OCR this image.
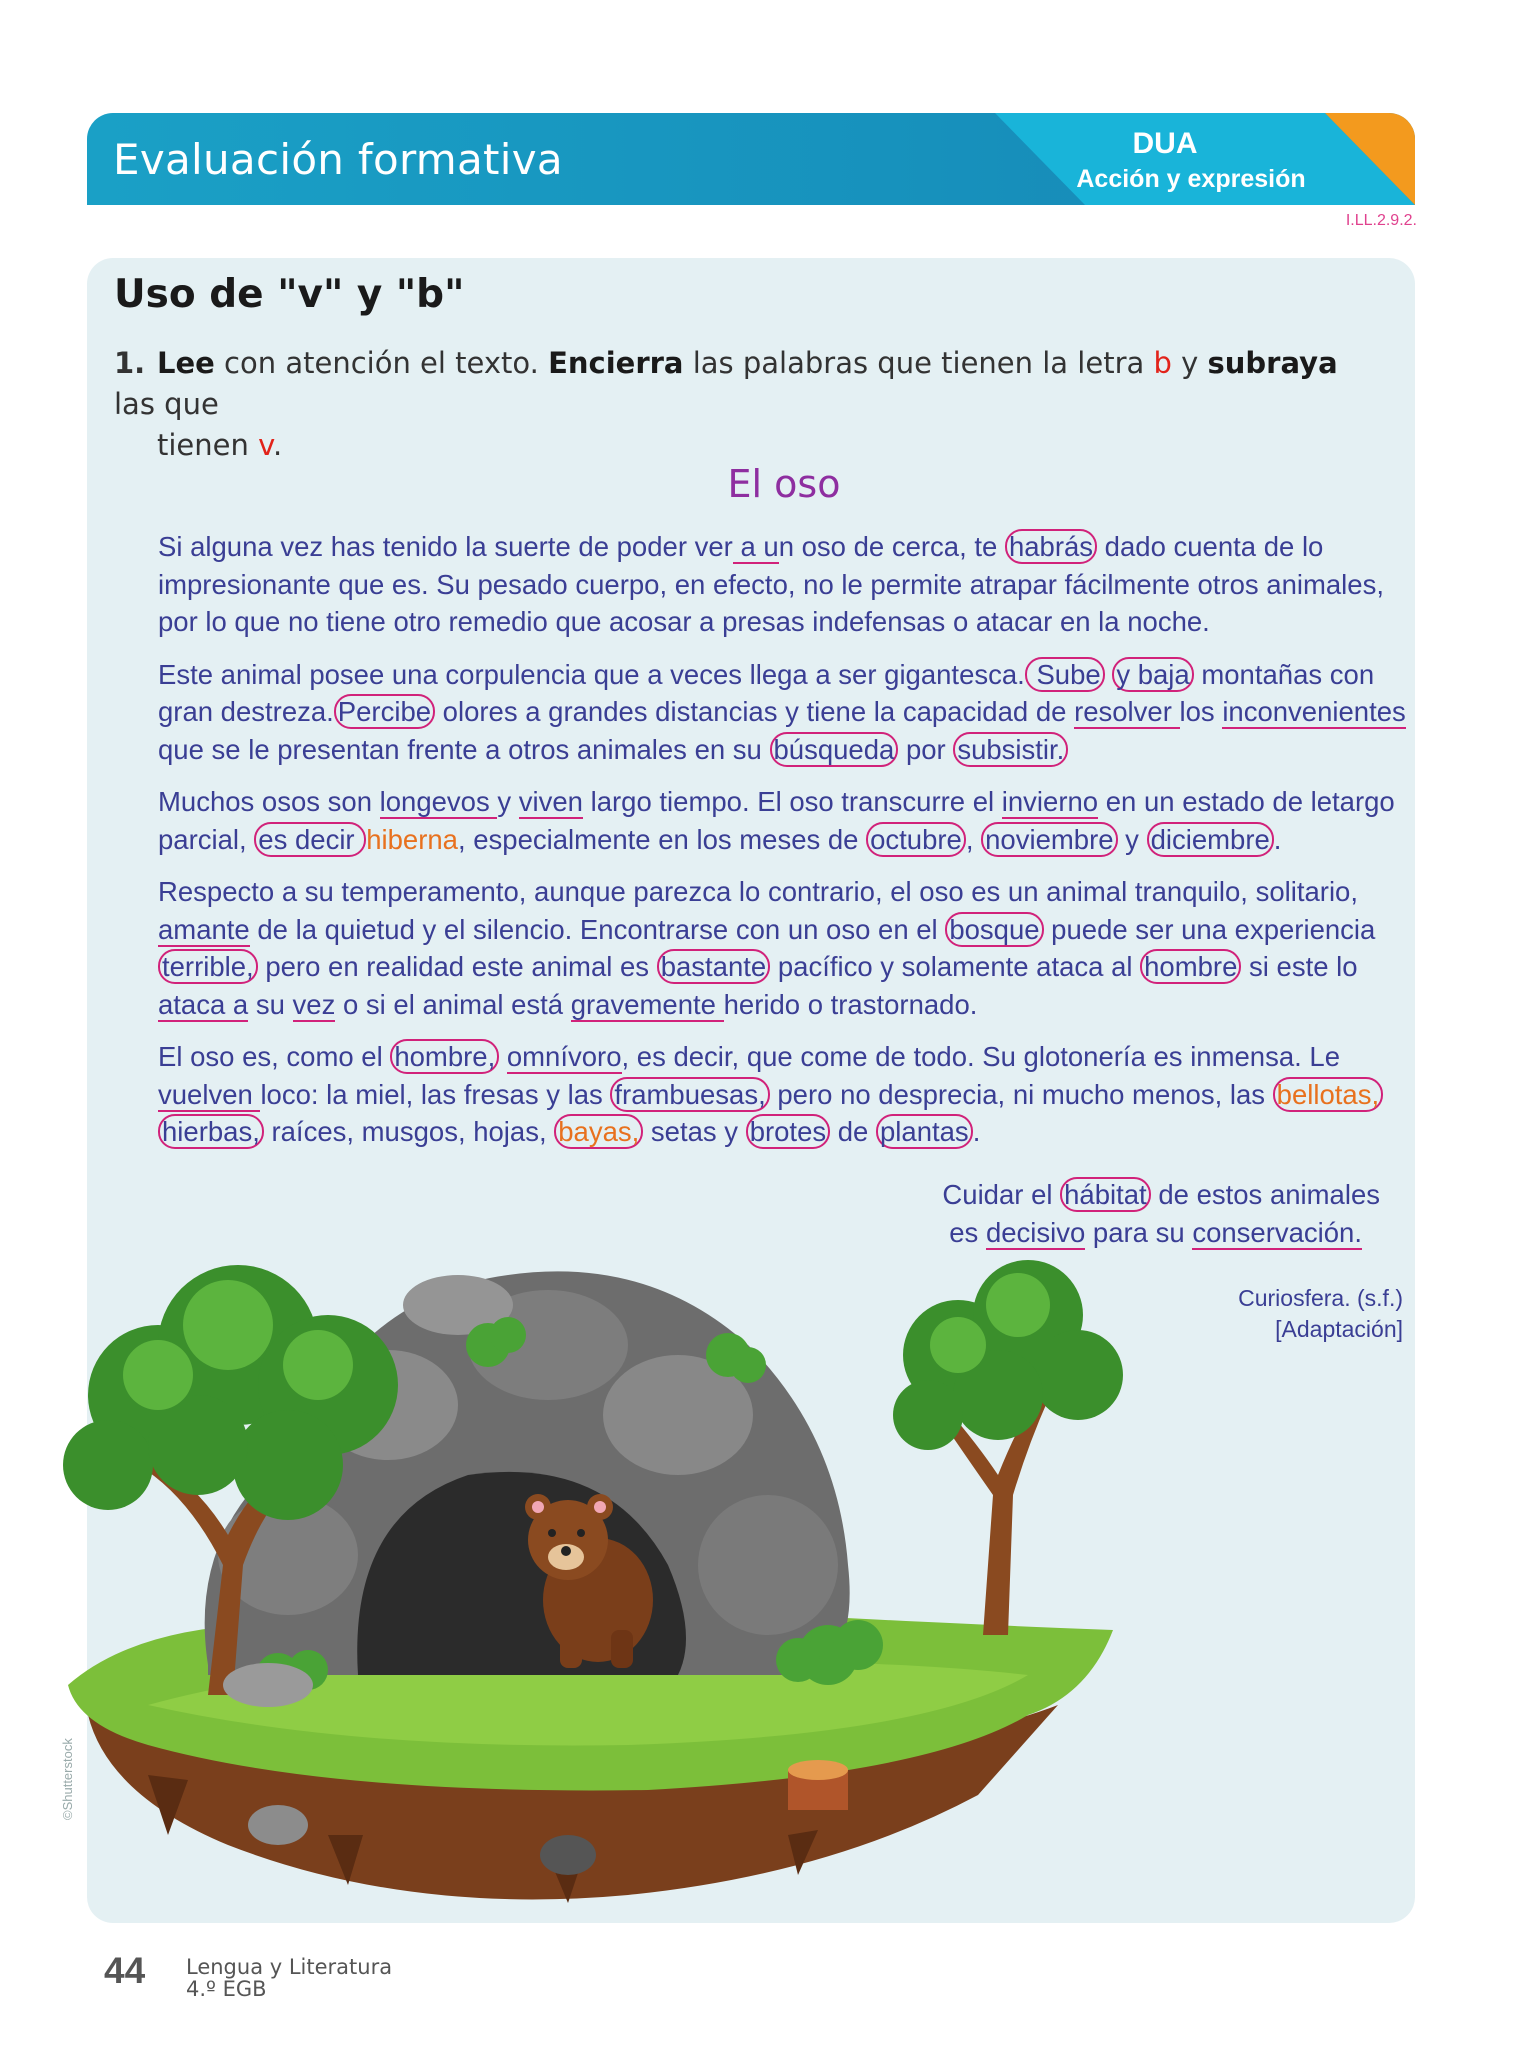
Evaluación formativa	DUA
Acción y expresión
I.LL.2.9.2.
Uso de "v" y "b"
1. Lee con atención el texto. Encierra las palabras que tienen la letra b y subraya las que
tienen v.
El oso

Si alguna vez has tenido la suerte de poder ver a un oso de cerca, te habrás dado cuenta de lo impresionante que es. Su pesado cuerpo, en efecto, no le permite atrapar fácilmente otros animales, por lo que no tiene otro remedio que acosar a presas indefensas o atacar en la noche.

Este animal posee una corpulencia que a veces llega a ser gigantesca. Sube y baja montañas con gran destreza. Percibe olores a grandes distancias y tiene la capacidad de resolver los inconvenientes que se le presentan frente a otros animales en su búsqueda por subsistir.

Muchos osos son longevos y viven largo tiempo. El oso transcurre el invierno en un estado de letargo parcial, es decir hiberna, especialmente en los meses de octubre , noviembre y diciembre .

Respecto a su temperamento, aunque parezca lo contrario, el oso es un animal tranquilo, solitario, amante de la quietud y el silencio. Encontrarse con un oso en el bosque puede ser una experiencia terrible, pero en realidad este animal es bastante pacífico y solamente ataca al hombre si este lo ataca a su vez o si el animal está gravemente herido o trastornado.

El oso es, como el hombre, omnívoro, es decir, que come de todo. Su glotonería es inmensa. Le vuelven loco: la miel, las fresas y las frambuesas, pero no desprecia, ni mucho menos, las bellotas, hierbas, raíces, musgos, hojas, bayas, setas y brotes de plantas .

Cuidar el hábitat de estos animales
es decisivo para su conservación.
Curiosfera. (s.f.)
[Adaptación]
©Shutterstock
44 Lengua y Literatura
4.º EGB
